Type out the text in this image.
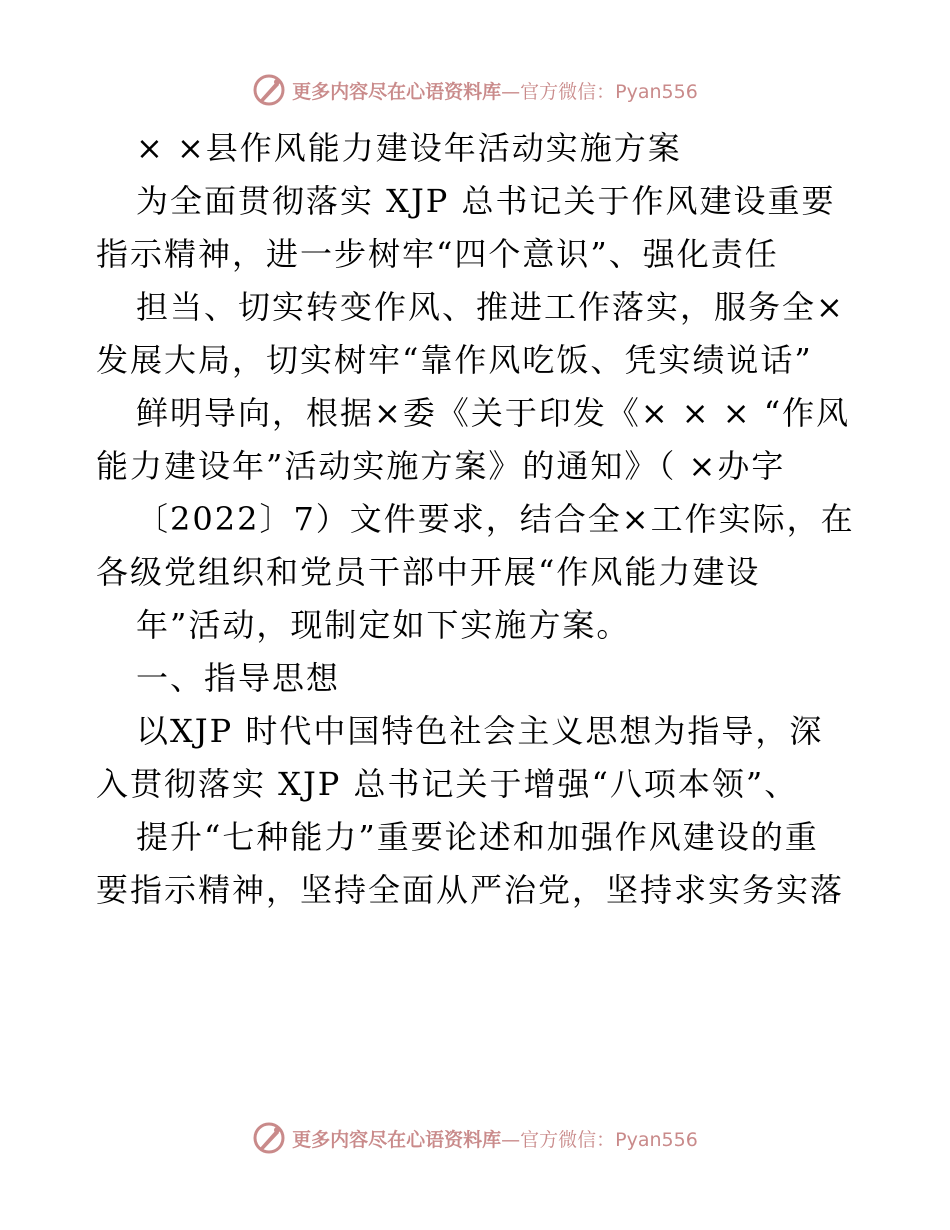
更多内容尽在心语资料库—官方微信：Pyan556
× ×县作风能力建设年活动实施方案
为全面贯彻落实 XJP 总书记关于作风建设重要
指示精神，进一步树牢“四个意识”、强化责任
担当、切实转变作风、推进工作落实，服务全×
发展大局，切实树牢“靠作风吃饭、凭实绩说话”
鲜明导向，根据×委《关于印发《× × × “作风
能力建设年”活动实施方案》的通知》（ ×办字
〔2022〕7）文件要求，结合全×工作实际，在
各级党组织和党员干部中开展“作风能力建设
年”活动，现制定如下实施方案。
一、指导思想
以XJP 时代中国特色社会主义思想为指导，深
入贯彻落实 XJP 总书记关于增强“八项本领”、
提升“七种能力”重要论述和加强作风建设的重
要指示精神，坚持全面从严治党，坚持求实务实落
更多内容尽在心语资料库—官方微信：Pyan556
